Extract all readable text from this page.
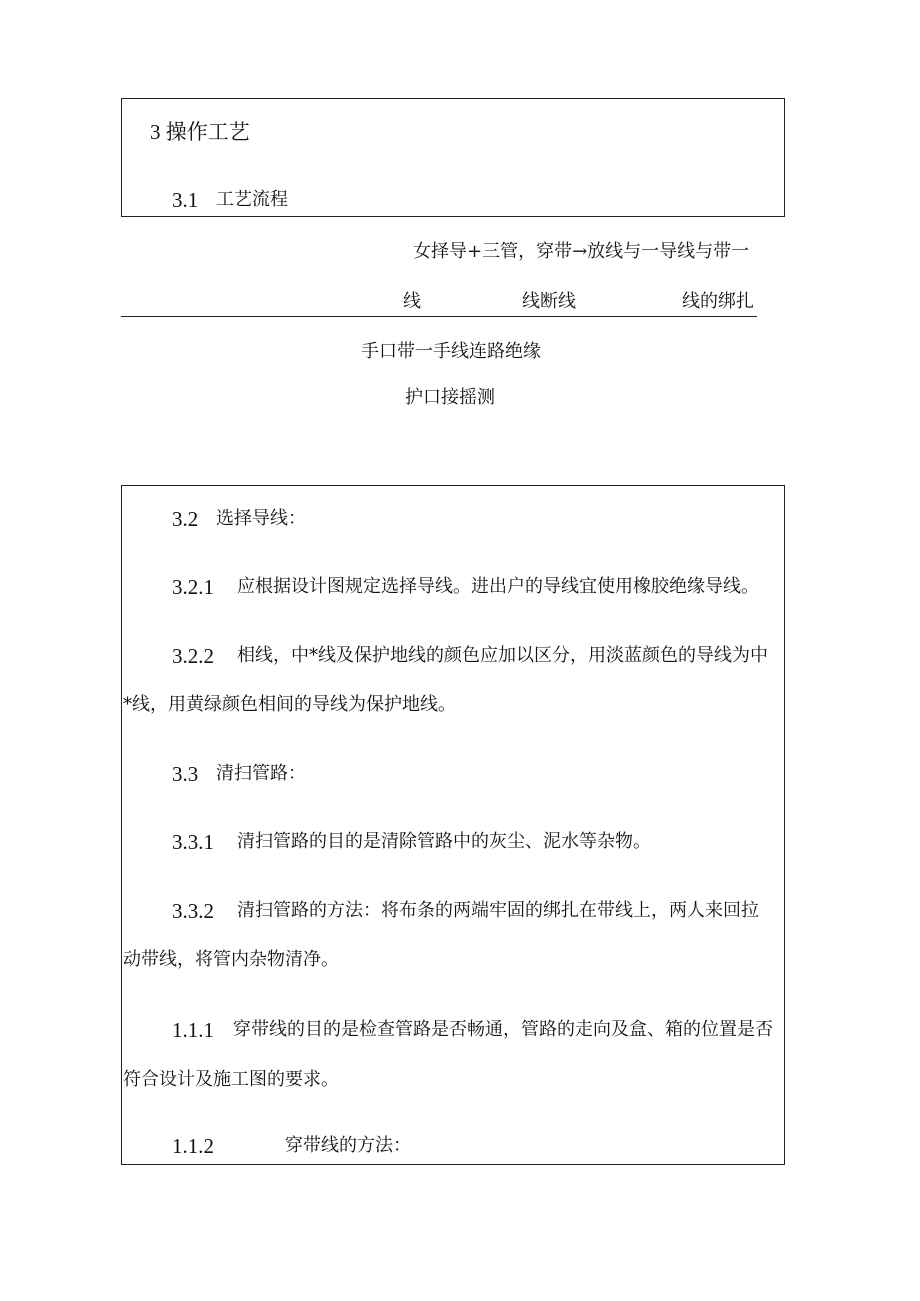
3 操作工艺
3.1 工艺流程
女择导+三管，穿带→放线与一导线与带一
线	线断线	线的绑扎
手口带一手线连路绝缘
护口接摇测
3.2 选择导线：
3.2.1 应根据设计图规定选择导线。进出户的导线宜使用橡胶绝缘导线。
3.2.2 相线，中*线及保护地线的颜色应加以区分，用淡蓝颜色的导线为中
*线，用黄绿颜色相间的导线为保护地线。
3.3 清扫管路：
3.3.1 清扫管路的目的是清除管路中的灰尘、泥水等杂物。
3.3.2 清扫管路的方法：将布条的两端牢固的绑扎在带线上，两人来回拉
动带线，将管内杂物清净。
1.1.1 穿带线的目的是检查管路是否畅通，管路的走向及盒、箱的位置是否
符合设计及施工图的要求。
1.1.2	穿带线的方法：
